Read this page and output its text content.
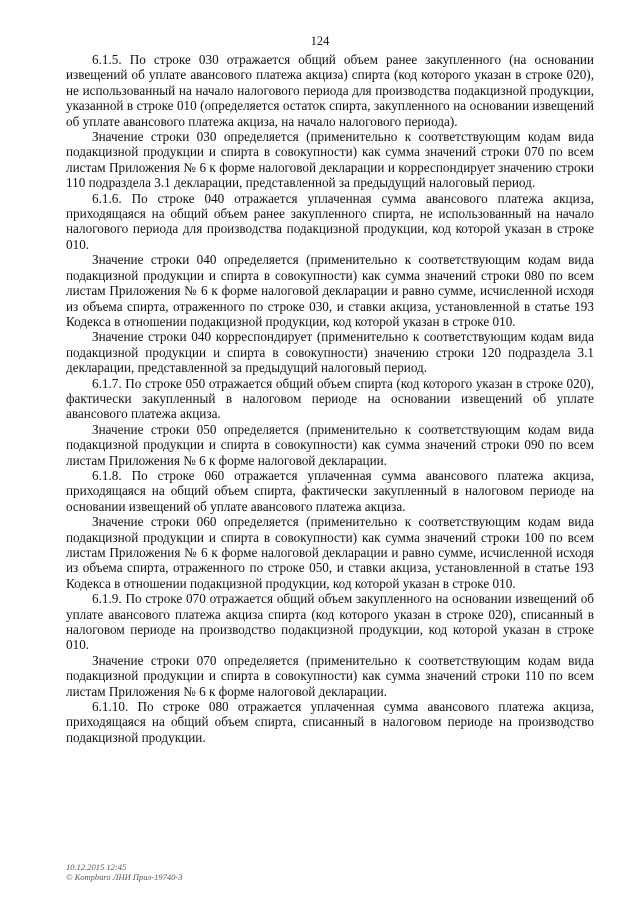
124

6.1.5. По строке 030 отражается общий объем ранее закупленного (на основании извещений об уплате авансового платежа акциза) спирта (код которого указан в строке 020), не использованный на начало налогового периода для производства подакцизной продукции, указанной в строке 010 (определяется остаток спирта, закупленного на основании извещений об уплате авансового платежа акциза, на начало налогового периода).

Значение строки 030 определяется (применительно к соответствующим кодам вида подакцизной продукции и спирта в совокупности) как сумма значений строки 070 по всем листам Приложения № 6 к форме налоговой декларации и корреспондирует значению строки 110 подраздела 3.1 декларации, представленной за предыдущий налоговый период.

6.1.6. По строке 040 отражается уплаченная сумма авансового платежа акциза, приходящаяся на общий объем ранее закупленного спирта, не использованный на начало налогового периода для производства подакцизной продукции, код которой указан в строке 010.

Значение строки 040 определяется (применительно к соответствующим кодам вида подакцизной продукции и спирта в совокупности) как сумма значений строки 080 по всем листам Приложения № 6 к форме налоговой декларации и равно сумме, исчисленной исходя из объема спирта, отраженного по строке 030, и ставки акциза, установленной в статье 193 Кодекса в отношении подакцизной продукции, код которой указан в строке 010.

Значение строки 040 корреспондирует (применительно к соответствующим кодам вида подакцизной продукции и спирта в совокупности) значению строки 120 подраздела 3.1 декларации, представленной за предыдущий налоговый период.

6.1.7. По строке 050 отражается общий объем спирта (код которого указан в строке 020), фактически закупленный в налоговом периоде на основании извещений об уплате авансового платежа акциза.

Значение строки 050 определяется (применительно к соответствующим кодам вида подакцизной продукции и спирта в совокупности) как сумма значений строки 090 по всем листам Приложения № 6 к форме налоговой декларации.

6.1.8. По строке 060 отражается уплаченная сумма авансового платежа акциза, приходящаяся на общий объем спирта, фактически закупленный в налоговом периоде на основании извещений об уплате авансового платежа акциза.

Значение строки 060 определяется (применительно к соответствующим кодам вида подакцизной продукции и спирта в совокупности) как сумма значений строки 100 по всем листам Приложения № 6 к форме налоговой декларации и равно сумме, исчисленной исходя из объема спирта, отраженного по строке 050, и ставки акциза, установленной в статье 193 Кодекса в отношении подакцизной продукции, код которой указан в строке 010.

6.1.9. По строке 070 отражается общий объем закупленного на основании извещений об уплате авансового платежа акциза спирта (код которого указан в строке 020), списанный в налоговом периоде на производство подакцизной продукции, код которой указан в строке 010.

Значение строки 070 определяется (применительно к соответствующим кодам вида подакцизной продукции и спирта в совокупности) как сумма значений строки 110 по всем листам Приложения № 6 к форме налоговой декларации.

6.1.10. По строке 080 отражается уплаченная сумма авансового платежа акциза, приходящаяся на общий объем спирта, списанный в налоговом периоде на производство подакцизной продукции.

10.12.2015 12:45
© Kompburo ЛНИ Прил-19740-3
